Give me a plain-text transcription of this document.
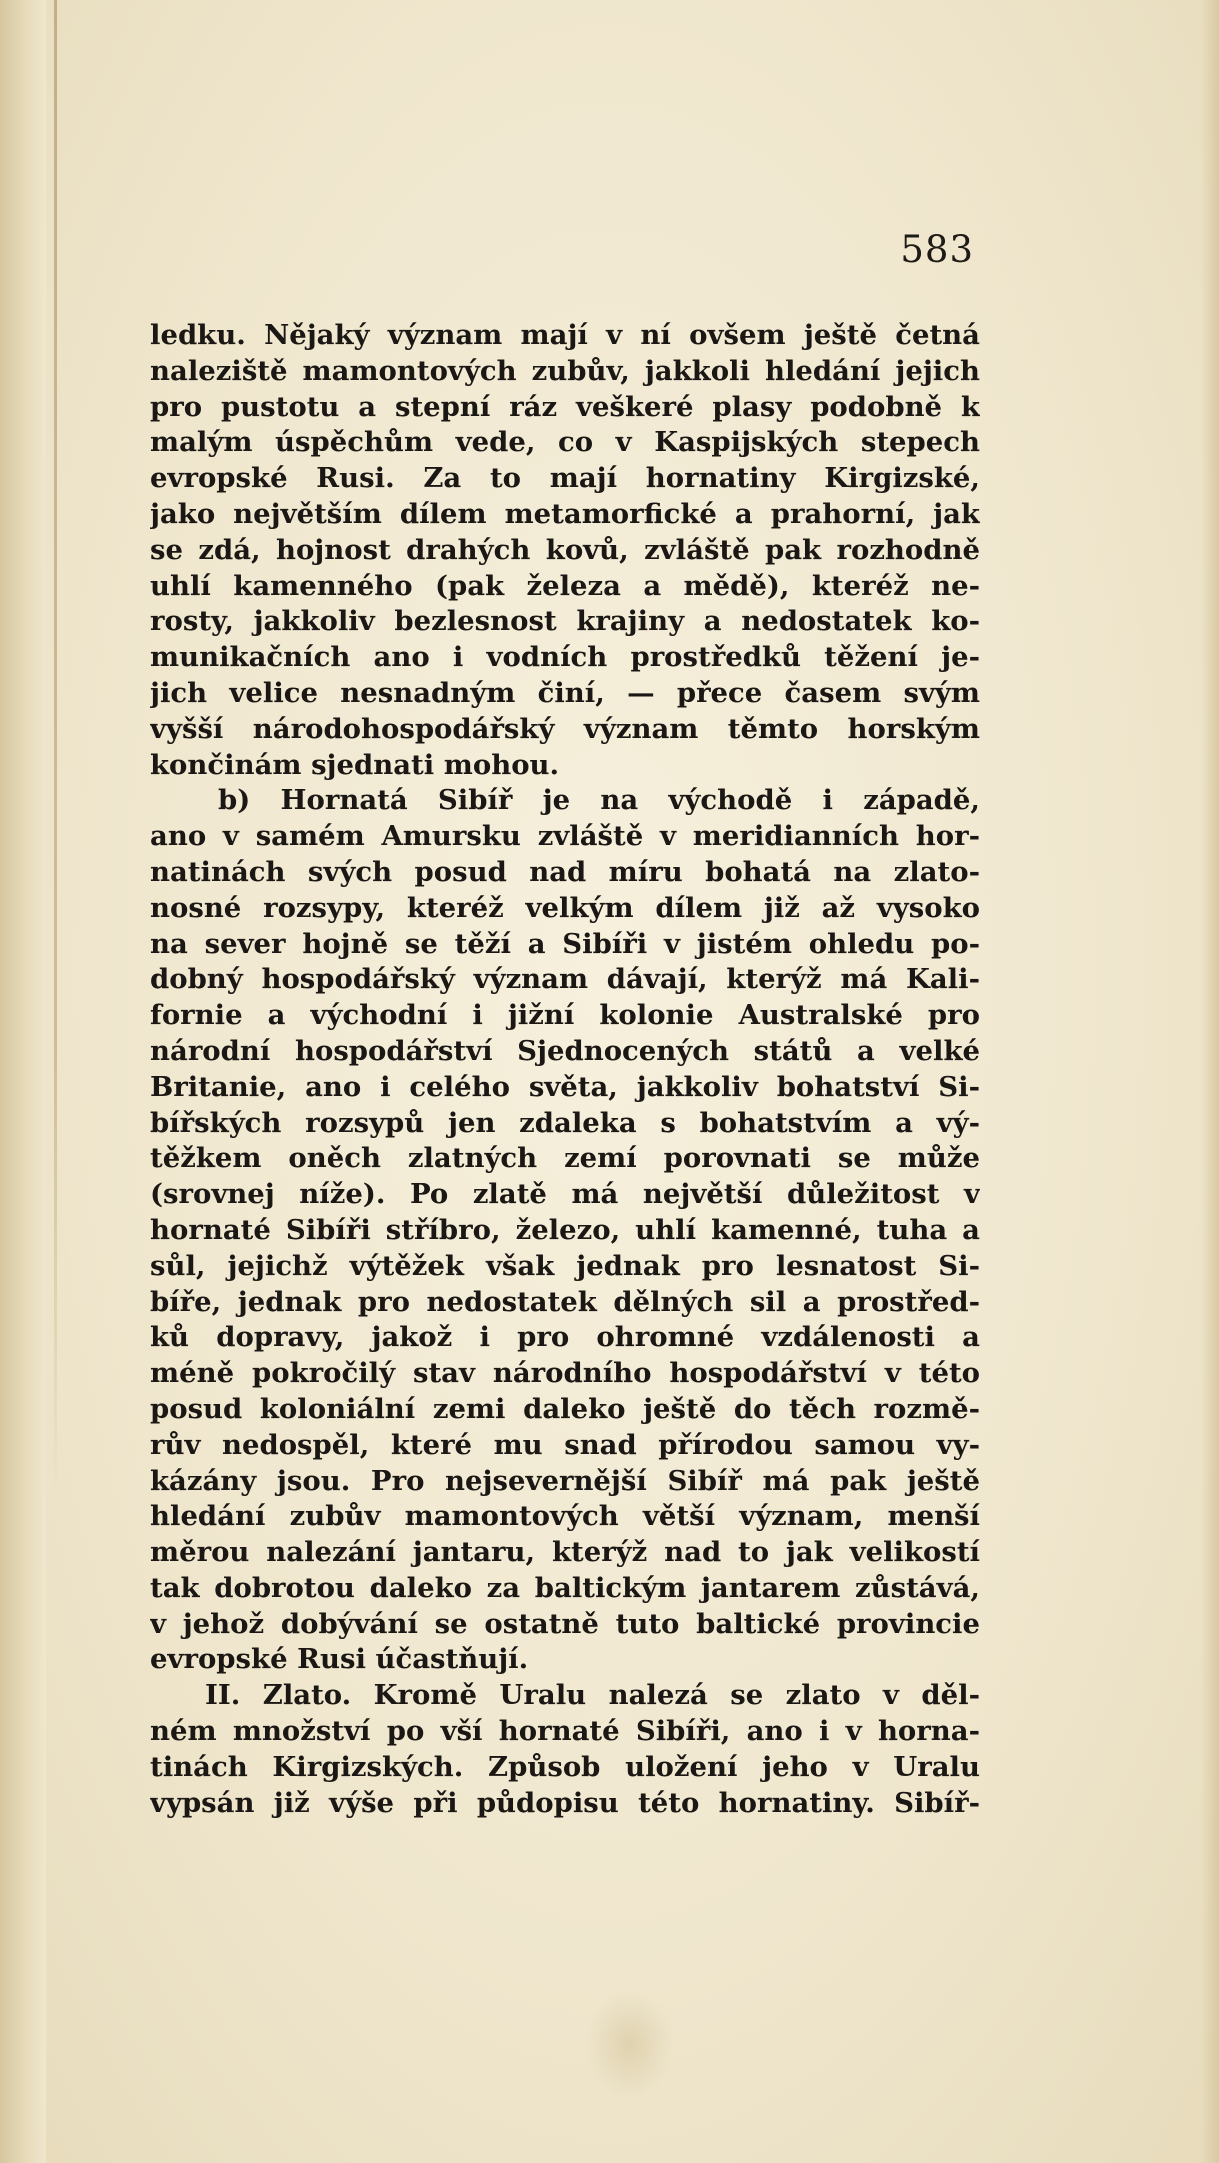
583
ledku. Nějaký význam mají v ní ovšem ještě četná
naleziště mamontových zubův, jakkoli hledání jejich
pro pustotu a stepní ráz veškeré plasy podobně k
malým úspěchům vede, co v Kaspijských stepech
evropské Rusi. Za to mají hornatiny Kirgizské,
jako největším dílem metamorfické a prahorní, jak
se zdá, hojnost drahých kovů, zvláště pak rozhodně
uhlí kamenného (pak železa a mědě), kteréž ne-
rosty, jakkoliv bezlesnost krajiny a nedostatek ko-
munikačních ano i vodních prostředků těžení je-
jich velice nesnadným činí, — přece časem svým
vyšší národohospodářský význam těmto horským
končinám sjednati mohou.
b) Hornatá Sibíř je na východě i západě,
ano v samém Amursku zvláště v meridianních hor-
natinách svých posud nad míru bohatá na zlato-
nosné rozsypy, kteréž velkým dílem již až vysoko
na sever hojně se těží a Sibíři v jistém ohledu po-
dobný hospodářský význam dávají, kterýž má Kali-
fornie a východní i jižní kolonie Australské pro
národní hospodářství Sjednocených států a velké
Britanie, ano i celého světa, jakkoliv bohatství Si-
bířských rozsypů jen zdaleka s bohatstvím a vý-
těžkem oněch zlatných zemí porovnati se může
(srovnej níže). Po zlatě má největší důležitost v
hornaté Sibíři stříbro, železo, uhlí kamenné, tuha a
sůl, jejichž výtěžek však jednak pro lesnatost Si-
bíře, jednak pro nedostatek dělných sil a prostřed-
ků dopravy, jakož i pro ohromné vzdálenosti a
méně pokročilý stav národního hospodářství v této
posud koloniální zemi daleko ještě do těch rozmě-
rův nedospěl, které mu snad přírodou samou vy-
kázány jsou. Pro nejsevernější Sibíř má pak ještě
hledání zubův mamontových větší význam, menší
měrou nalezání jantaru, kterýž nad to jak velikostí
tak dobrotou daleko za baltickým jantarem zůstává,
v jehož dobývání se ostatně tuto baltické provincie
evropské Rusi účastňují.
II. Zlato. Kromě Uralu nalezá se zlato v děl-
ném množství po vší hornaté Sibíři, ano i v horna-
tinách Kirgizských. Způsob uložení jeho v Uralu
vypsán již výše při půdopisu této hornatiny. Sibíř-
